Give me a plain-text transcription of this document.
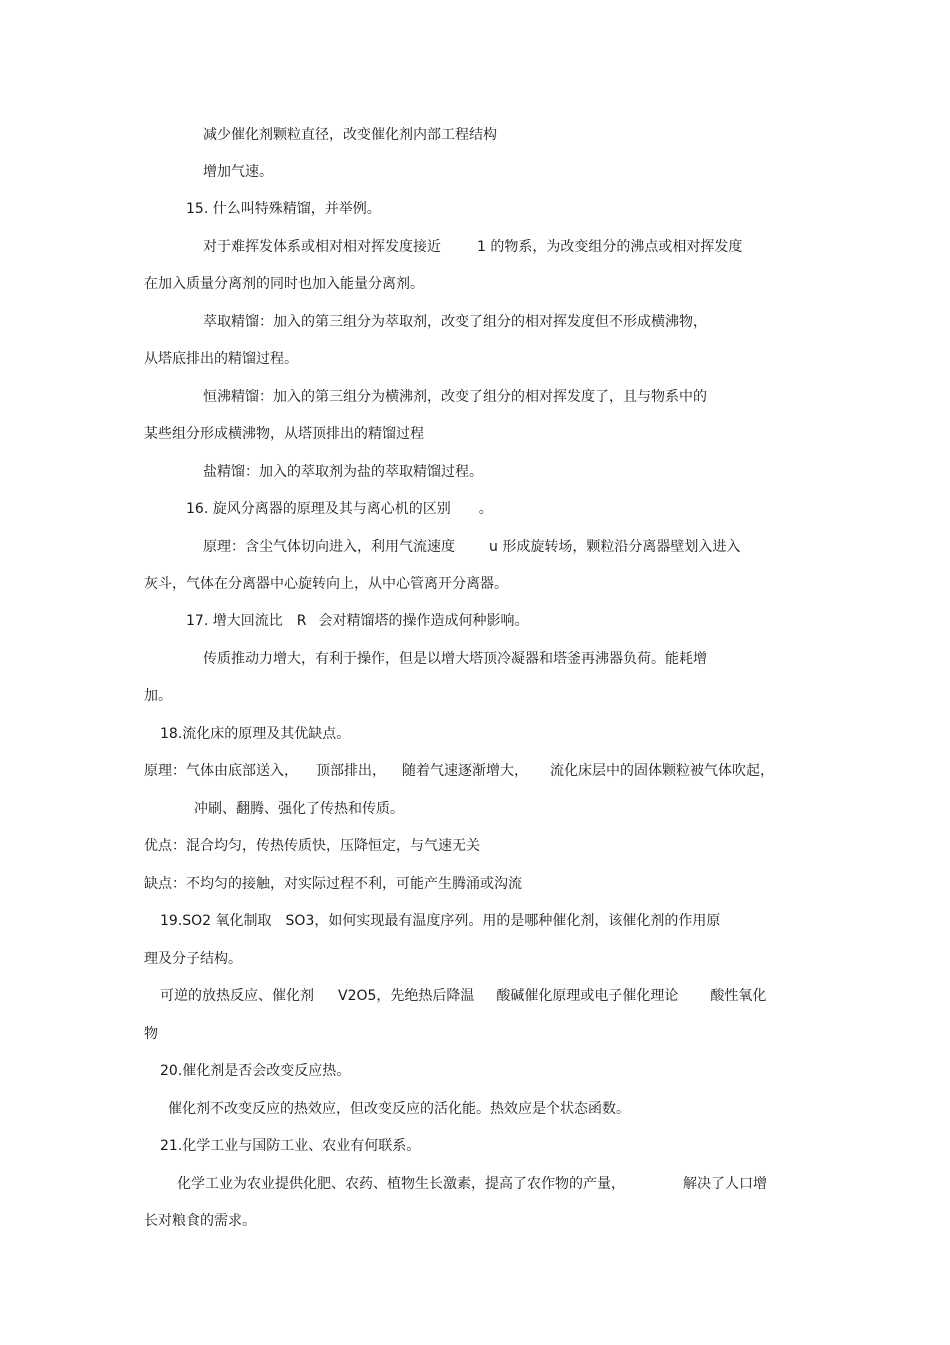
减少催化剂颗粒直径，改变催化剂内部工程结构

增加气速。

15. 什么叫特殊精馏，并举例。

对于难挥发体系或相对相对挥发度接近	1 的物系，为改变组分的沸点或相对挥发度

在加入质量分离剂的同时也加入能量分离剂。

萃取精馏：加入的第三组分为萃取剂，改变了组分的相对挥发度但不形成横沸物，

从塔底排出的精馏过程。

恒沸精馏：加入的第三组分为横沸剂，改变了组分的相对挥发度了，且与物系中的

某些组分形成横沸物，从塔顶排出的精馏过程

盐精馏：加入的萃取剂为盐的萃取精馏过程。

16. 旋风分离器的原理及其与离心机的区别 。

原理：含尘气体切向进入，利用气流速度 u 形成旋转场，颗粒沿分离器壁划入进入

灰斗，气体在分离器中心旋转向上，从中心管离开分离器。

17. 增大回流比 R 会对精馏塔的操作造成何种影响。

传质推动力增大，有利于操作，但是以增大塔顶冷凝器和塔釜再沸器负荷。能耗增

加。

18.流化床的原理及其优缺点。

原理：气体由底部送入， 顶部排出， 随着气速逐渐增大， 流化床层中的固体颗粒被气体吹起，

冲刷、翻腾、强化了传热和传质。

优点：混合均匀，传热传质快，压降恒定，与气速无关

缺点：不均匀的接触，对实际过程不利，可能产生腾涌或沟流

19.SO2 氧化制取 SO3，如何实现最有温度序列。用的是哪种催化剂，该催化剂的作用原

理及分子结构。

可逆的放热反应、催化剂 V2O5，先绝热后降温 酸碱催化原理或电子催化理论 酸性氧化

物

20.催化剂是否会改变反应热。

催化剂不改变反应的热效应，但改变反应的活化能。热效应是个状态函数。

21.化学工业与国防工业、农业有何联系。

化学工业为农业提供化肥、农药、植物生长激素，提高了农作物的产量，	解决了人口增

长对粮食的需求。
